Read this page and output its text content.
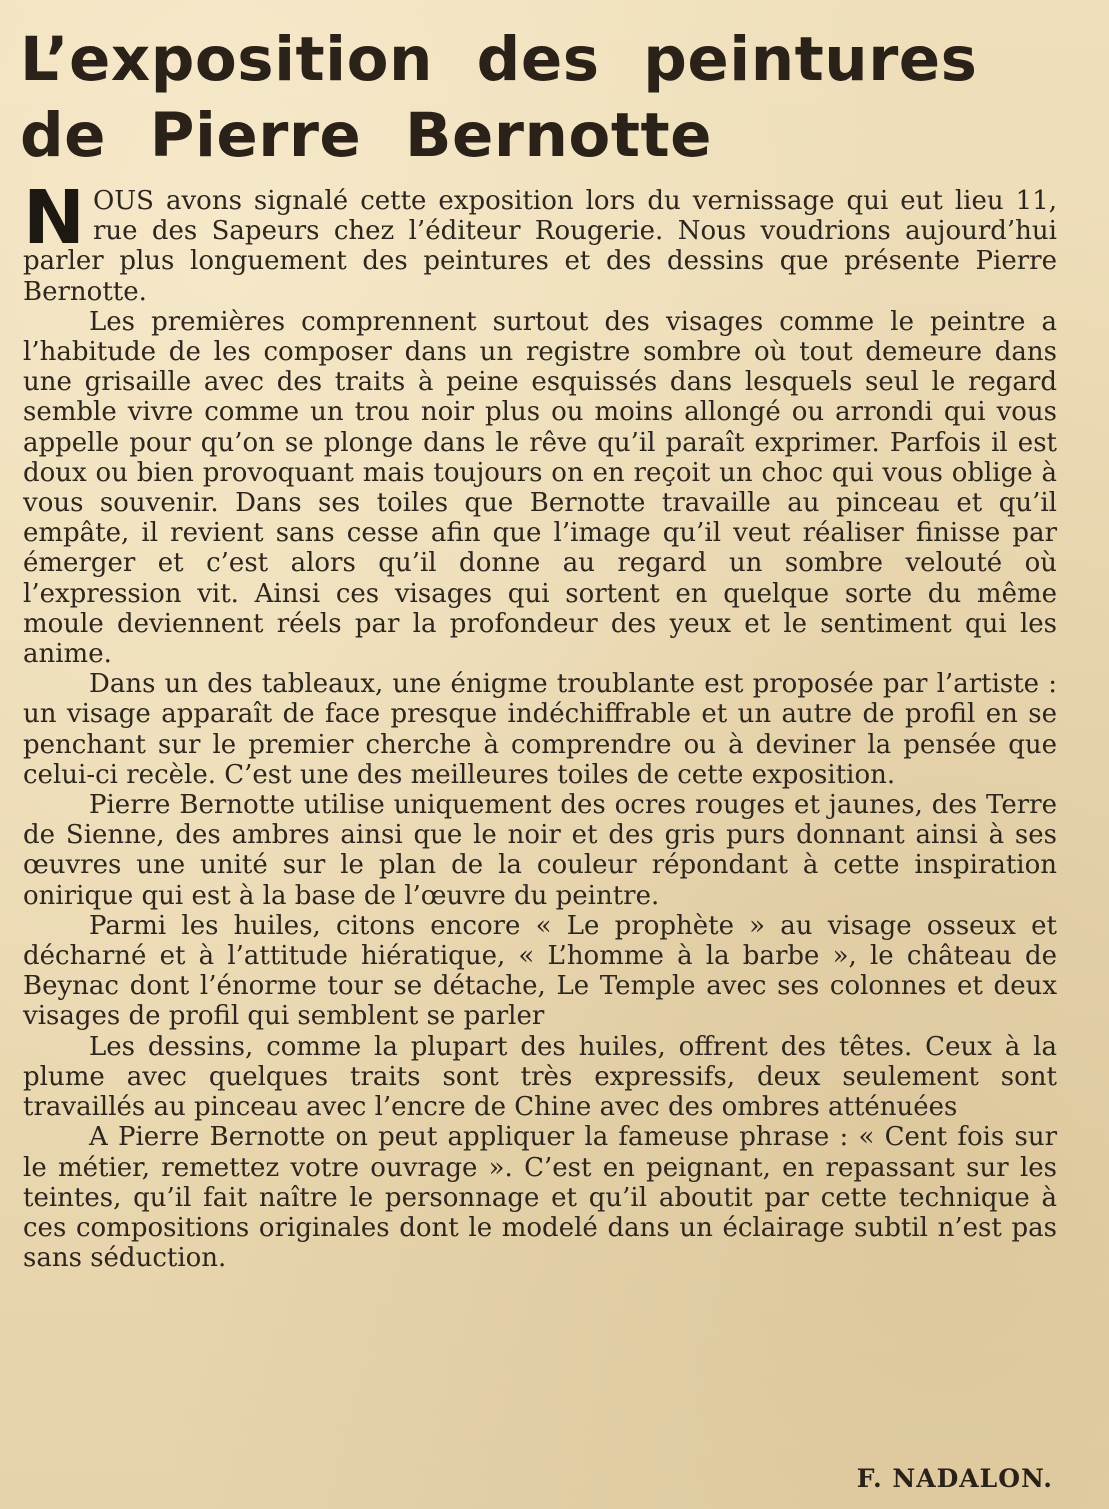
L’exposition des peintures
de Pierre Bernotte

NOUS avons signalé cette exposition lors du vernissage qui eut lieu 11, rue des Sapeurs chez l’éditeur Rougerie. Nous voudrions aujourd’hui parler plus longuement des peintures et des dessins que présente Pierre Bernotte.

Les premières comprennent surtout des visages comme le peintre a l’habitude de les composer dans un registre sombre où tout demeure dans une grisaille avec des traits à peine esquissés dans lesquels seul le regard semble vivre comme un trou noir plus ou moins allongé ou arrondi qui vous appelle pour qu’on se plonge dans le rêve qu’il paraît exprimer. Parfois il est doux ou bien provoquant mais toujours on en reçoit un choc qui vous oblige à vous souvenir. Dans ses toiles que Bernotte travaille au pinceau et qu’il empâte, il revient sans cesse afin que l’image qu’il veut réaliser finisse par émerger et c’est alors qu’il donne au regard un sombre velouté où l’expression vit. Ainsi ces visages qui sortent en quelque sorte du même moule deviennent réels par la profondeur des yeux et le sentiment qui les anime.

Dans un des tableaux, une énigme troublante est proposée par l’artiste : un visage apparaît de face presque indéchiffrable et un autre de profil en se penchant sur le premier cherche à comprendre ou à deviner la pensée que celui-ci recèle. C’est une des meilleures toiles de cette exposition.

Pierre Bernotte utilise uniquement des ocres rouges et jaunes, des Terre de Sienne, des ambres ainsi que le noir et des gris purs donnant ainsi à ses œuvres une unité sur le plan de la couleur répondant à cette inspiration onirique qui est à la base de l’œuvre du peintre.

Parmi les huiles, citons encore « Le prophète » au visage osseux et décharné et à l’attitude hiératique, « L’homme à la barbe », le château de Beynac dont l’énorme tour se détache, Le Temple avec ses colonnes et deux visages de profil qui semblent se parler

Les dessins, comme la plupart des huiles, offrent des têtes. Ceux à la plume avec quelques traits sont très expressifs, deux seulement sont travaillés au pinceau avec l’encre de Chine avec des ombres atténuées

A Pierre Bernotte on peut appliquer la fameuse phrase : « Cent fois sur le métier, remettez votre ouvrage ». C’est en peignant, en repassant sur les teintes, qu’il fait naître le personnage et qu’il aboutit par cette technique à ces compositions originales dont le modelé dans un éclairage subtil n’est pas sans séduction.

F. NADALON.
